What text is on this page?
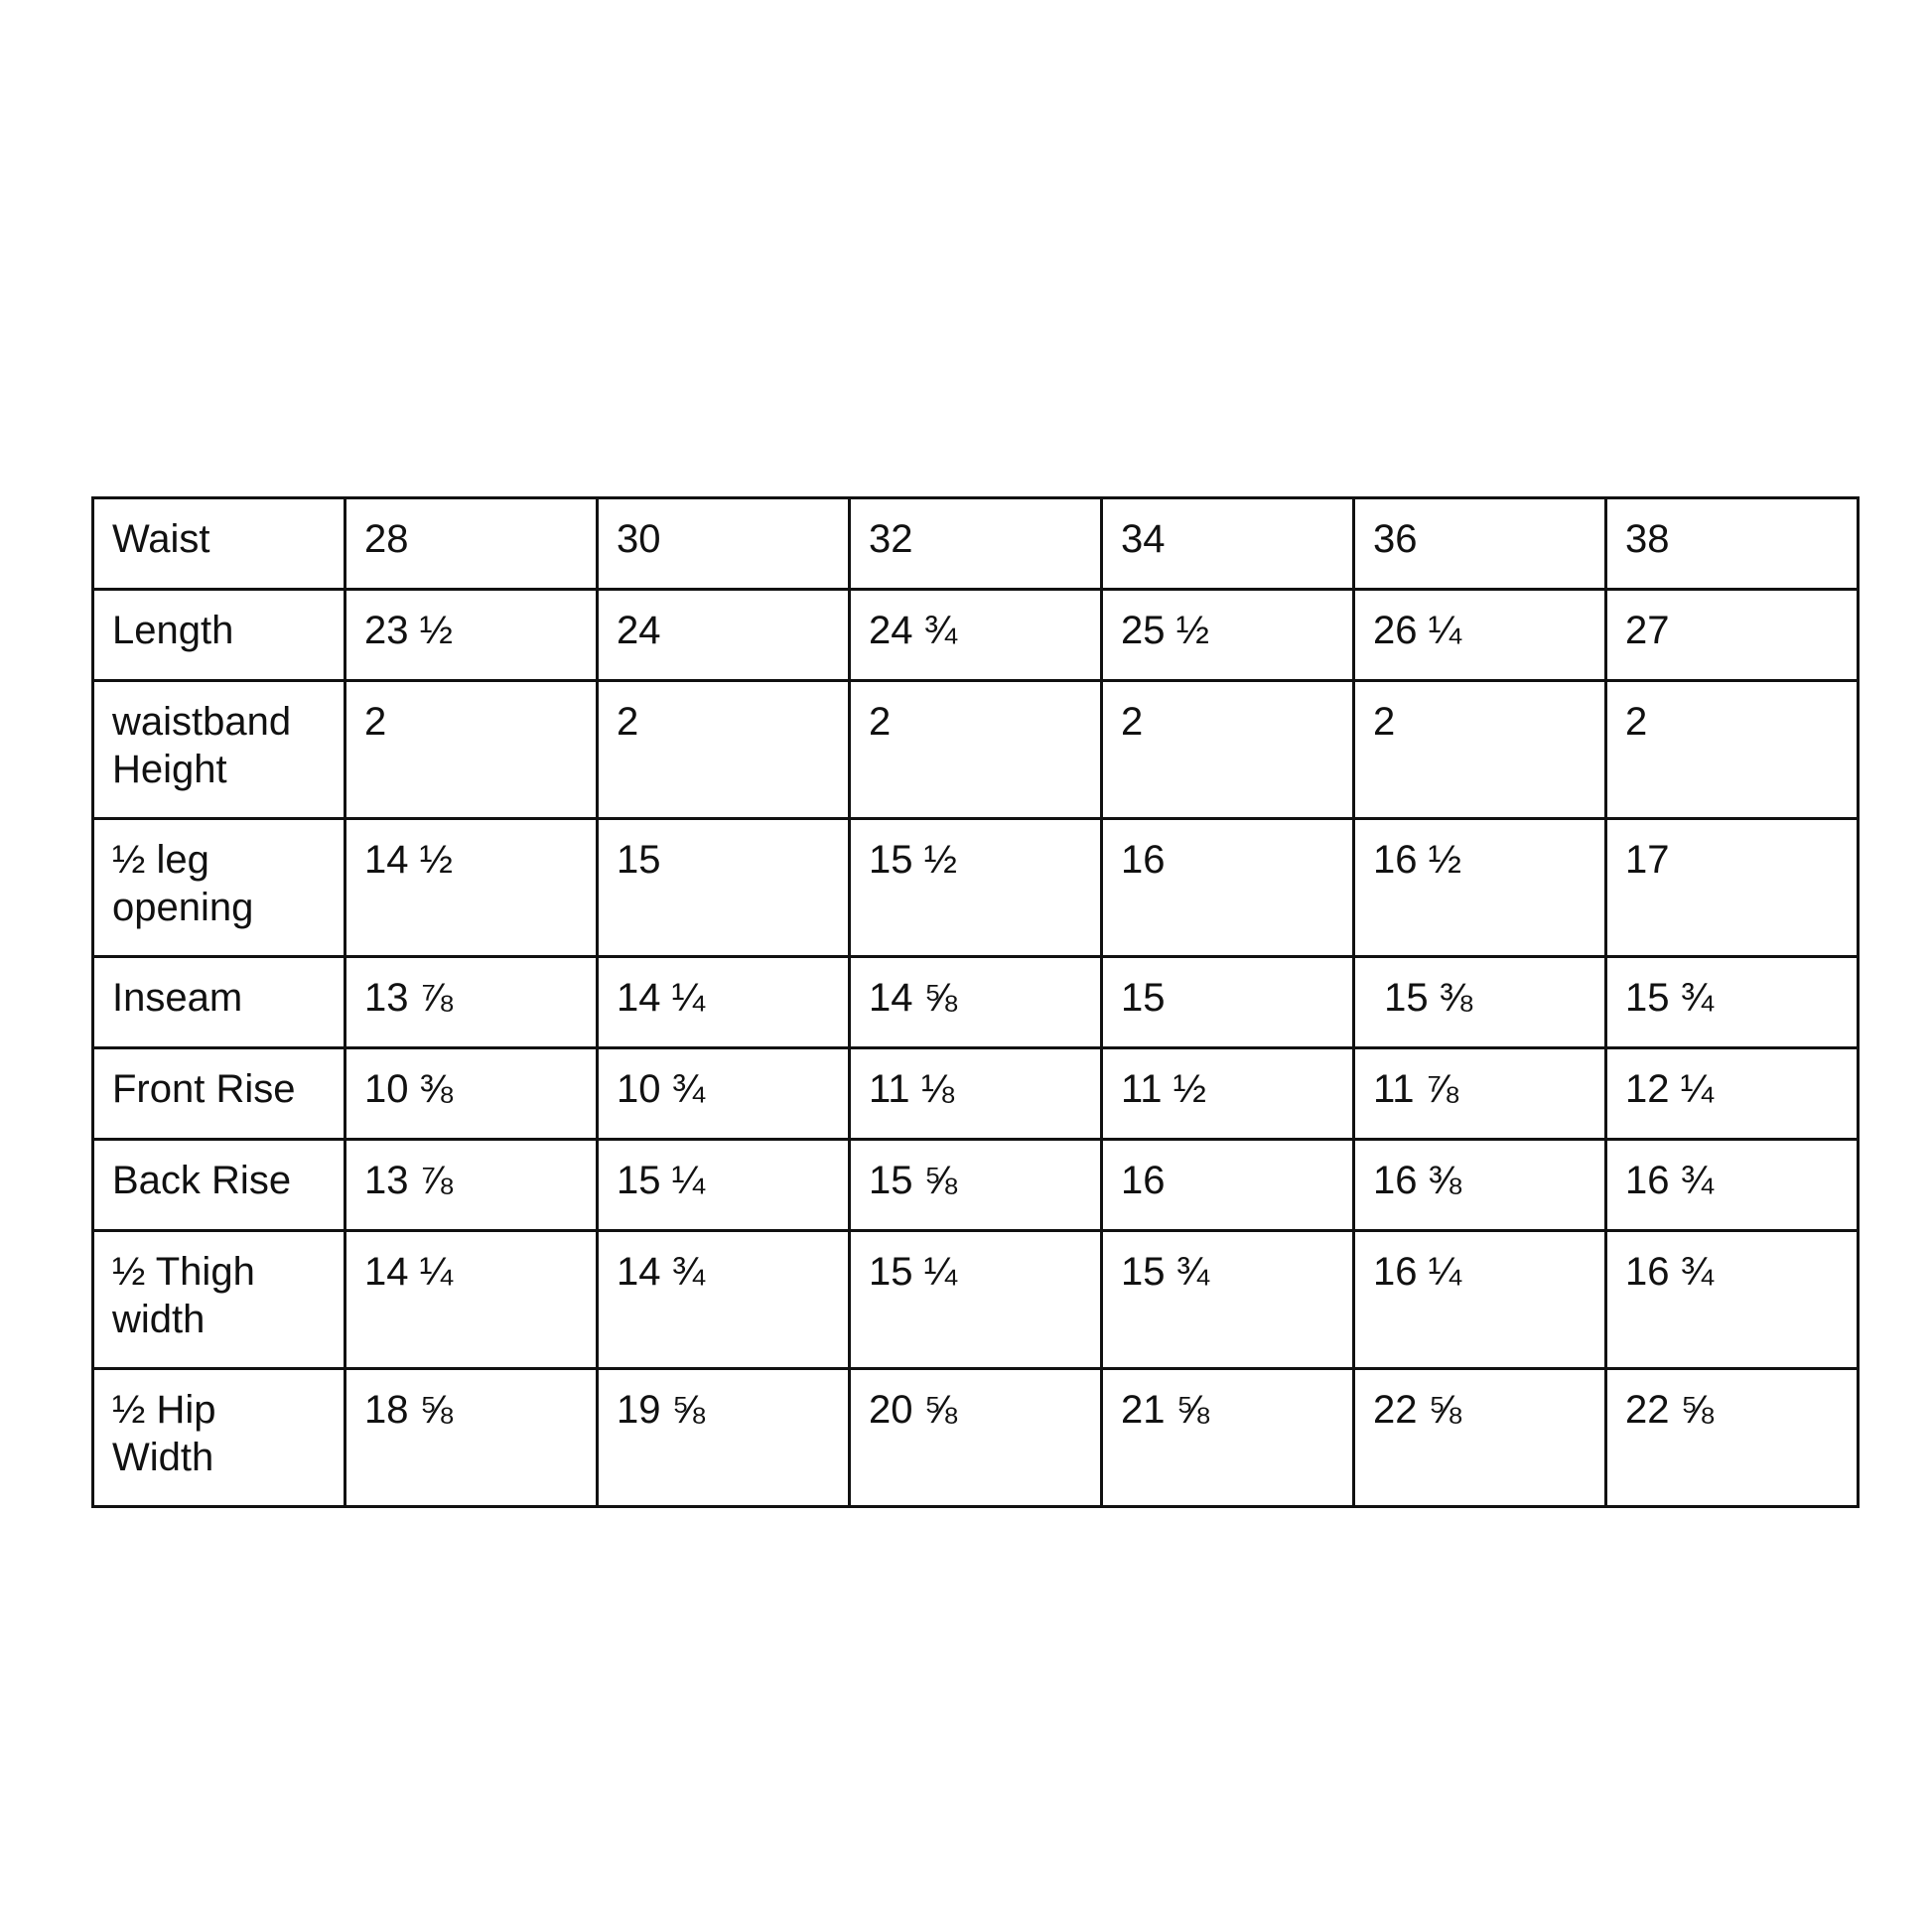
Waist	28	30	32	34	36	38
Length	23 ½	24	24 ¾	25 ½	26 ¼	27
waistband
Height	2	2	2	2	2	2
½ leg
opening	14 ½	15	15 ½	16	16 ½	17
Inseam	13 ⅞	14 ¼	14 ⅝	15	15 ⅜	15 ¾
Front Rise	10 ⅜	10 ¾	11 ⅛	11 ½	11 ⅞	12 ¼
Back Rise	13 ⅞	15 ¼	15 ⅝	16	16 ⅜	16 ¾
½ Thigh
width	14 ¼	14 ¾	15 ¼	15 ¾	16 ¼	16 ¾
½ Hip
Width	18 ⅝	19 ⅝	20 ⅝	21 ⅝	22 ⅝	22 ⅝
